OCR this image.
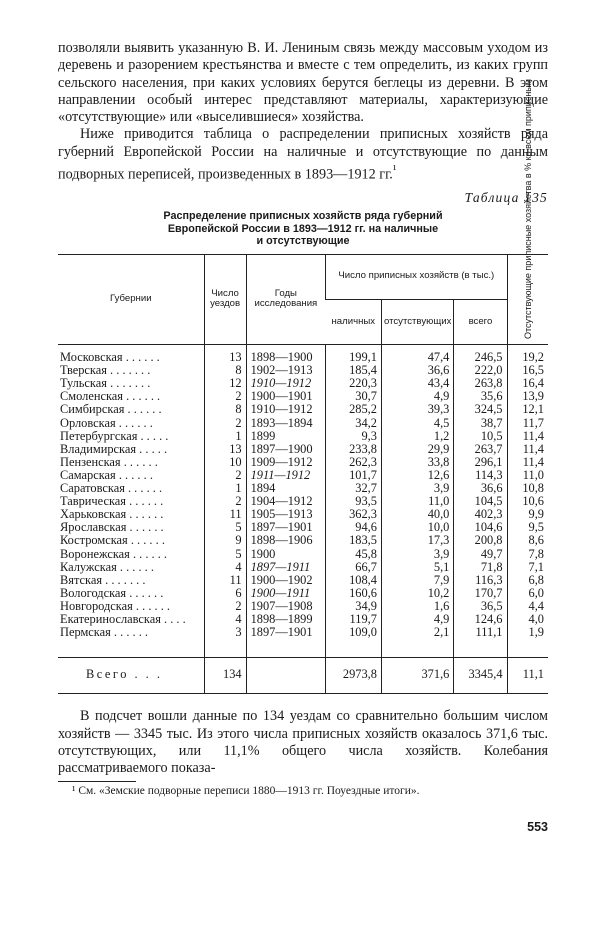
позволяли выявить указанную В. И. Лениным связь между массовым уходом из деревень и разорением крестьянства и вместе с тем определить, из каких групп сельского населения, при каких условиях берутся беглецы из деревни. В этом направлении особый интерес представляют материалы, характеризующие «отсутствующие» или «выселившиеся» хозяйства.

Ниже приводится таблица о распределении приписных хозяйств ряда губерний Европейской России на наличные и отсутствующие по данным подворных переписей, произведенных в 1893—1912 гг.$^{^1}$

Таблица 135
Распределение приписных хозяйств ряда губерний
Европейской России в 1893—1912 гг. на наличные
и отсутствующие
Губернии	Число уездов	Годы исследования	Число приписных хозяйств (в тыс.)			Отсутствующие приписные хозяйства в % ко всем приписным
			наличных	отсутствующих	всего	

Московская . . . . . .	13	1898—1900	199,1	47,4	246,5	19,2
Тверская . . . . . . .	8	1902—1913	185,4	36,6	222,0	16,5
Тульская . . . . . . .	12	1910—1912	220,3	43,4	263,8	16,4
Смоленская . . . . . .	2	1900—1901	30,7	4,9	35,6	13,9
Симбирская . . . . . .	8	1910—1912	285,2	39,3	324,5	12,1
Орловская . . . . . .	2	1893—1894	34,2	4,5	38,7	11,7
Петербургская . . . . .	1	1899	9,3	1,2	10,5	11,4
Владимирская . . . . .	13	1897—1900	233,8	29,9	263,7	11,4
Пензенская . . . . . .	10	1909—1912	262,3	33,8	296,1	11,4
Самарская . . . . . .	2	1911—1912	101,7	12,6	114,3	11,0
Саратовская . . . . . .	1	1894	32,7	3,9	36,6	10,8
Таврическая . . . . . .	2	1904—1912	93,5	11,0	104,5	10,6
Харьковская . . . . . .	11	1905—1913	362,3	40,0	402,3	9,9
Ярославская . . . . . .	5	1897—1901	94,6	10,0	104,6	9,5
Костромская . . . . . .	9	1898—1906	183,5	17,3	200,8	8,6
Воронежская . . . . . .	5	1900	45,8	3,9	49,7	7,8
Калужская . . . . . .	4	1897—1911	66,7	5,1	71,8	7,1
Вятская . . . . . . .	11	1900—1902	108,4	7,9	116,3	6,8
Вологодская . . . . . .	6	1900—1911	160,6	10,2	170,7	6,0
Новгородская . . . . . .	2	1907—1908	34,9	1,6	36,5	4,4
Екатеринославская . . . .	4	1898—1899	119,7	4,9	124,6	4,0
Пермская . . . . . .	3	1897—1901	109,0	2,1	111,1	1,9

Всего . . .	134		2973,8	371,6	3345,4	11,1

В подсчет вошли данные по 134 уездам со сравнительно большим числом хозяйств — 3345 тыс. Из этого числа приписных хозяйств оказалось 371,6 тыс. отсутствующих, или 11,1% общего числа хозяйств. Колебания рассматриваемого показа-

¹ См. «Земские подворные переписи 1880—1913 гг. Поуездные итоги».

553
